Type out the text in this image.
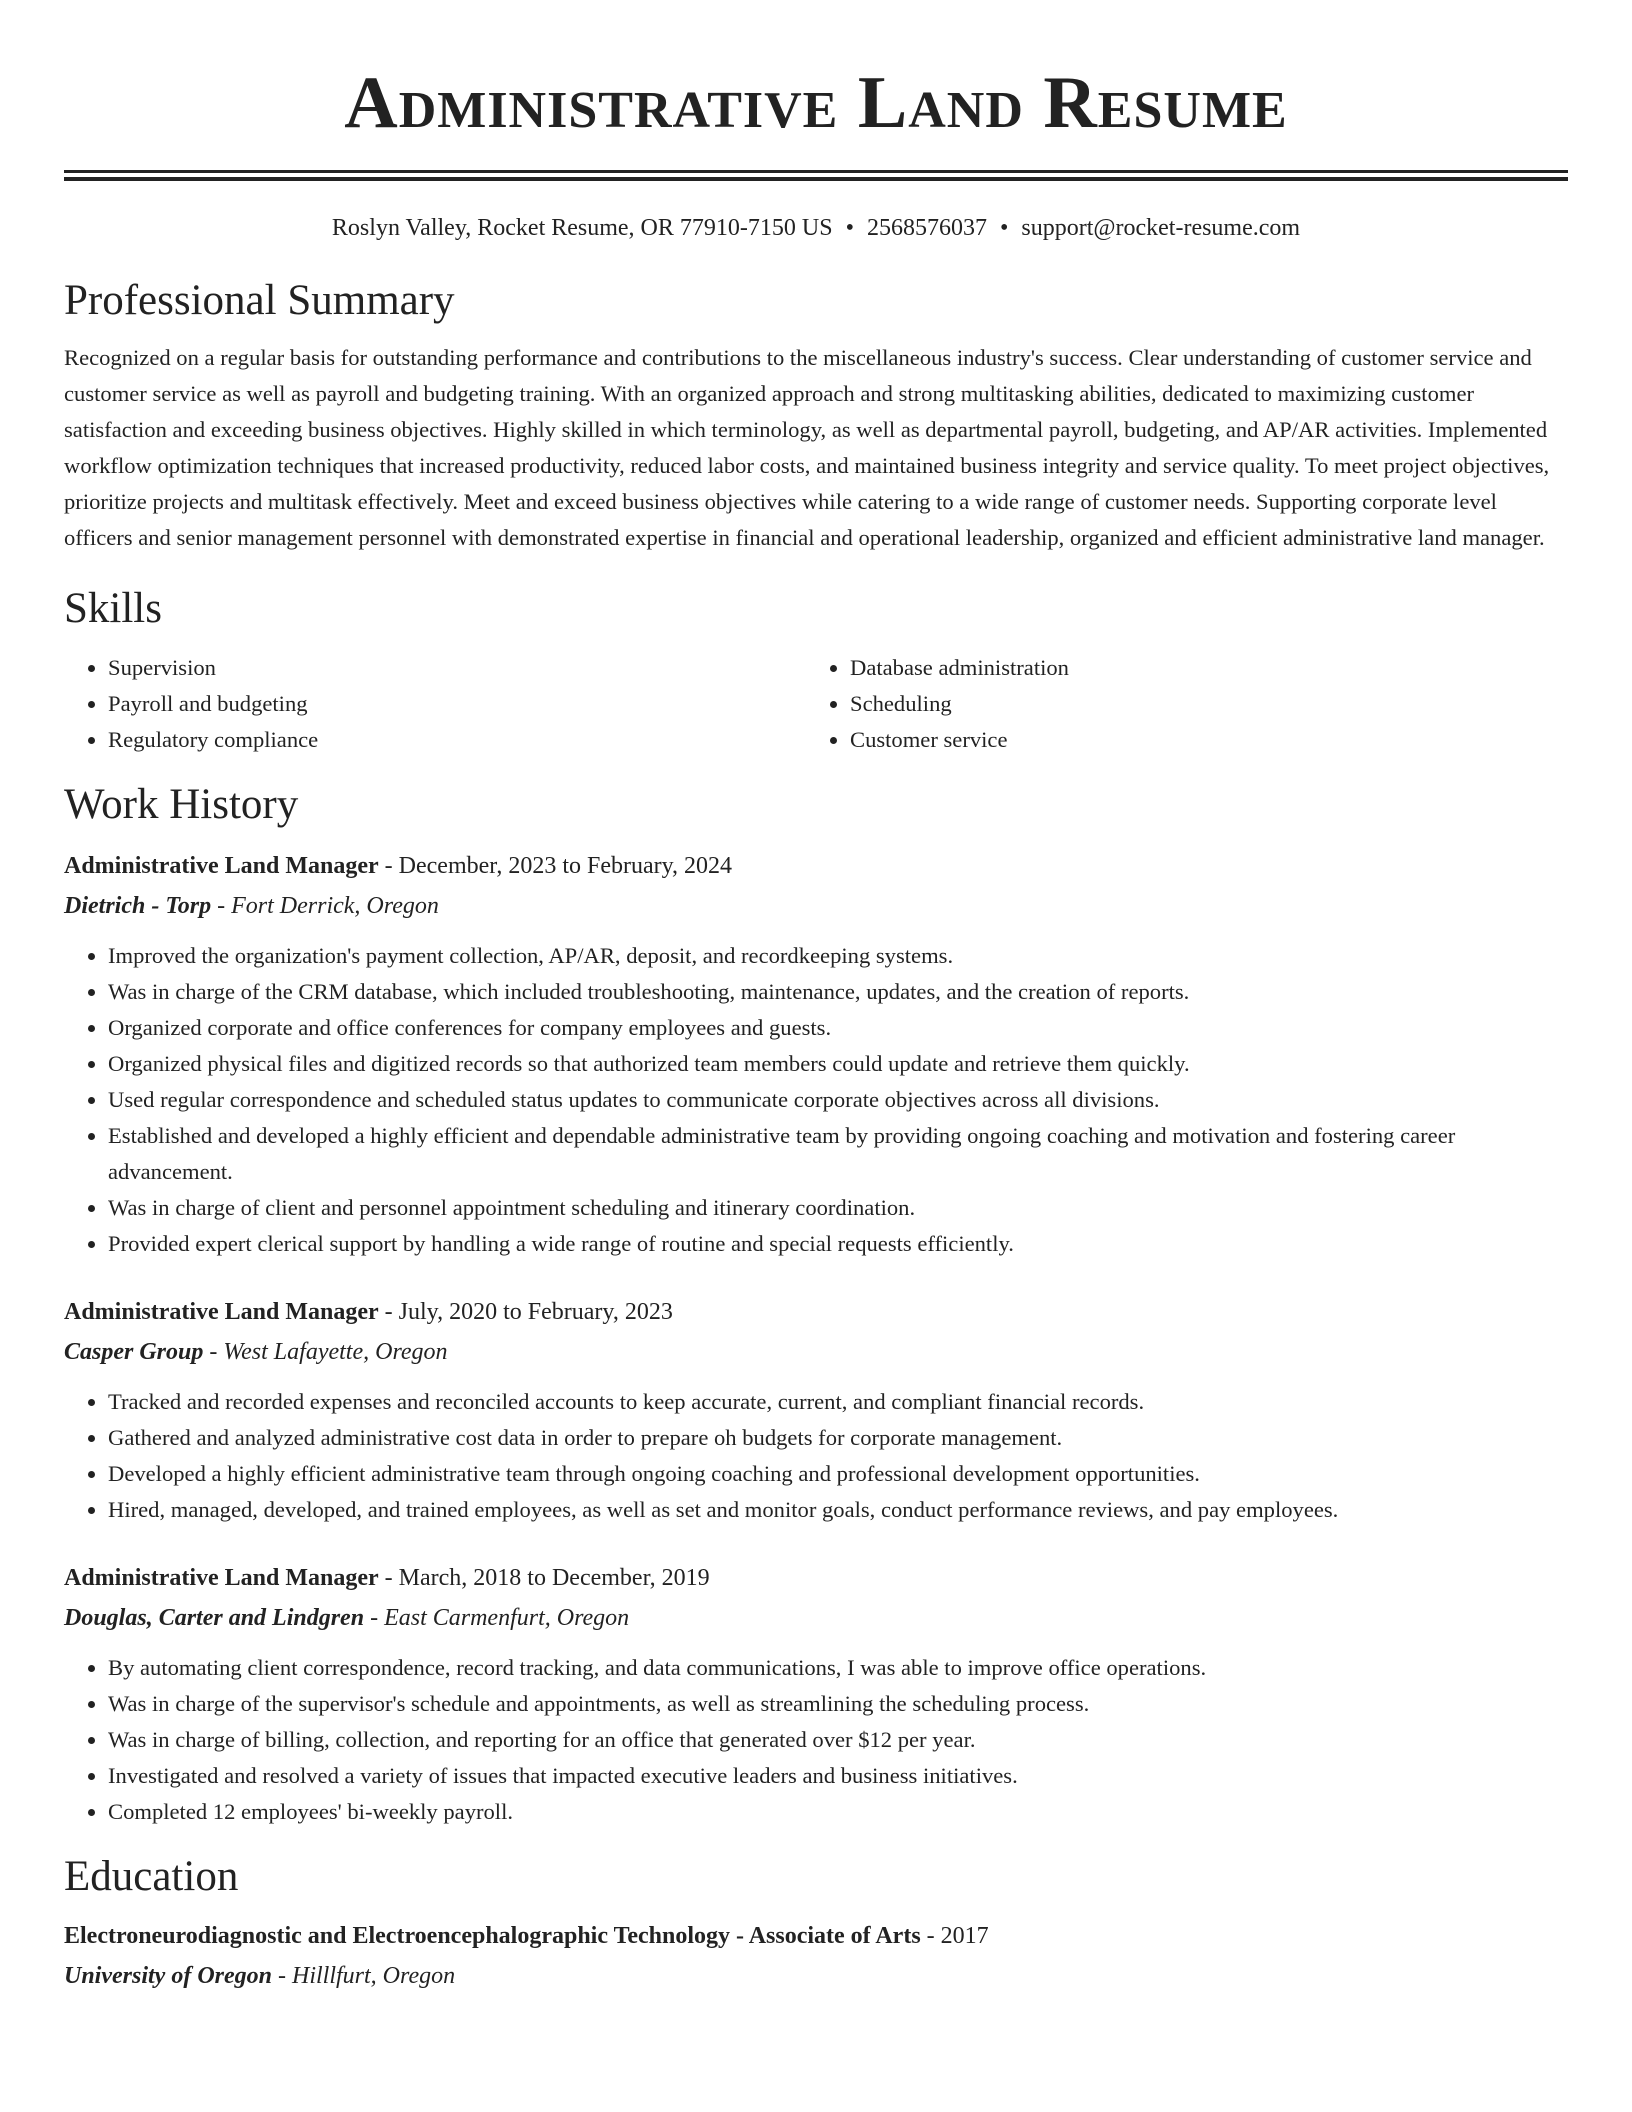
Administrative Land Resume
Roslyn Valley, Rocket Resume, OR 77910-7150 US • 2568576037 • support@rocket-resume.com
Professional Summary
Recognized on a regular basis for outstanding performance and contributions to the miscellaneous industry's success. Clear understanding of customer service and customer service as well as payroll and budgeting training. With an organized approach and strong multitasking abilities, dedicated to maximizing customer satisfaction and exceeding business objectives. Highly skilled in which terminology, as well as departmental payroll, budgeting, and AP/AR activities. Implemented workflow optimization techniques that increased productivity, reduced labor costs, and maintained business integrity and service quality. To meet project objectives, prioritize projects and multitask effectively. Meet and exceed business objectives while catering to a wide range of customer needs. Supporting corporate level officers and senior management personnel with demonstrated expertise in financial and operational leadership, organized and efficient administrative land manager.
Skills
• Supervision
• Payroll and budgeting
• Regulatory compliance
• Database administration
• Scheduling
• Customer service
Work History
Administrative Land Manager - December, 2023 to February, 2024
Dietrich - Torp - Fort Derrick, Oregon
• Improved the organization's payment collection, AP/AR, deposit, and recordkeeping systems.
• Was in charge of the CRM database, which included troubleshooting, maintenance, updates, and the creation of reports.
• Organized corporate and office conferences for company employees and guests.
• Organized physical files and digitized records so that authorized team members could update and retrieve them quickly.
• Used regular correspondence and scheduled status updates to communicate corporate objectives across all divisions.
• Established and developed a highly efficient and dependable administrative team by providing ongoing coaching and motivation and fostering career advancement.
• Was in charge of client and personnel appointment scheduling and itinerary coordination.
• Provided expert clerical support by handling a wide range of routine and special requests efficiently.
Administrative Land Manager - July, 2020 to February, 2023
Casper Group - West Lafayette, Oregon
• Tracked and recorded expenses and reconciled accounts to keep accurate, current, and compliant financial records.
• Gathered and analyzed administrative cost data in order to prepare oh budgets for corporate management.
• Developed a highly efficient administrative team through ongoing coaching and professional development opportunities.
• Hired, managed, developed, and trained employees, as well as set and monitor goals, conduct performance reviews, and pay employees.
Administrative Land Manager - March, 2018 to December, 2019
Douglas, Carter and Lindgren - East Carmenfurt, Oregon
• By automating client correspondence, record tracking, and data communications, I was able to improve office operations.
• Was in charge of the supervisor's schedule and appointments, as well as streamlining the scheduling process.
• Was in charge of billing, collection, and reporting for an office that generated over $12 per year.
• Investigated and resolved a variety of issues that impacted executive leaders and business initiatives.
• Completed 12 employees' bi-weekly payroll.
Education
Electroneurodiagnostic and Electroencephalographic Technology - Associate of Arts - 2017
University of Oregon - Hilllfurt, Oregon
